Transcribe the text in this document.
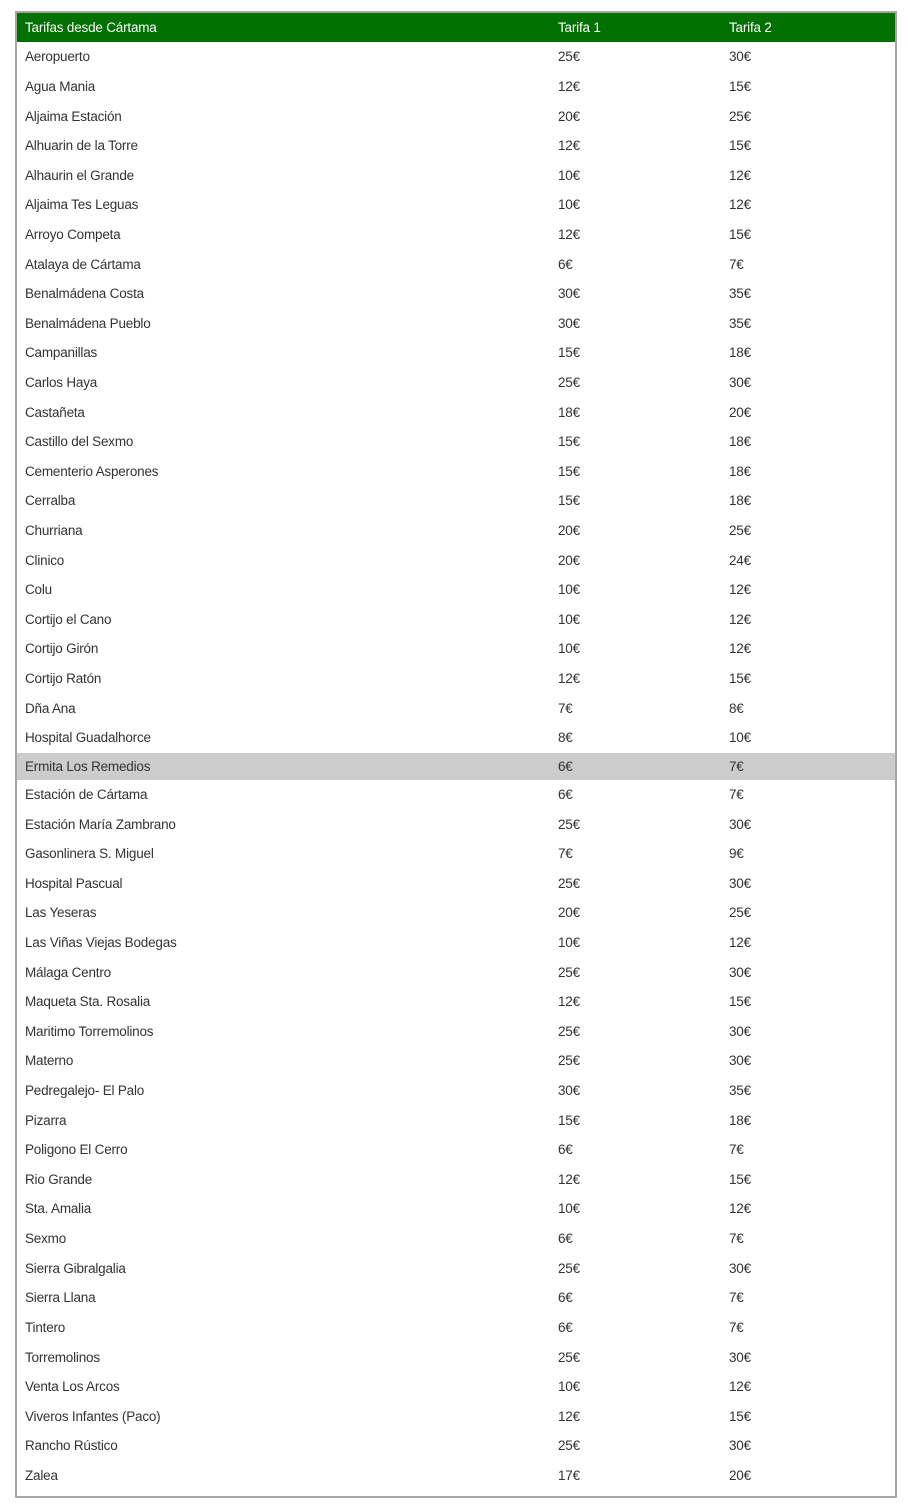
Tarifas desde Cártama	Tarifa 1	Tarifa 2
Aeropuerto	25€	30€
Agua Mania	12€	15€
Aljaima Estación	20€	25€
Alhuarin de la Torre	12€	15€
Alhaurin el Grande	10€	12€
Aljaima Tes Leguas	10€	12€
Arroyo Competa	12€	15€
Atalaya de Cártama	6€	7€
Benalmádena Costa	30€	35€
Benalmádena Pueblo	30€	35€
Campanillas	15€	18€
Carlos Haya	25€	30€
Castañeta	18€	20€
Castillo del Sexmo	15€	18€
Cementerio Asperones	15€	18€
Cerralba	15€	18€
Churriana	20€	25€
Clinico	20€	24€
Colu	10€	12€
Cortijo el Cano	10€	12€
Cortijo Girón	10€	12€
Cortijo Ratón	12€	15€
Dña Ana	7€	8€
Hospital Guadalhorce	8€	10€
Ermita Los Remedios	6€	7€
Estación de Cártama	6€	7€
Estación María Zambrano	25€	30€
Gasonlinera S. Miguel	7€	9€
Hospital Pascual	25€	30€
Las Yeseras	20€	25€
Las Viñas Viejas Bodegas	10€	12€
Málaga Centro	25€	30€
Maqueta Sta. Rosalia	12€	15€
Maritimo Torremolinos	25€	30€
Materno	25€	30€
Pedregalejo- El Palo	30€	35€
Pizarra	15€	18€
Poligono El Cerro	6€	7€
Rio Grande	12€	15€
Sta. Amalia	10€	12€
Sexmo	6€	7€
Sierra Gibralgalia	25€	30€
Sierra Llana	6€	7€
Tintero	6€	7€
Torremolinos	25€	30€
Venta Los Arcos	10€	12€
Viveros Infantes (Paco)	12€	15€
Rancho Rústico	25€	30€
Zalea	17€	20€
